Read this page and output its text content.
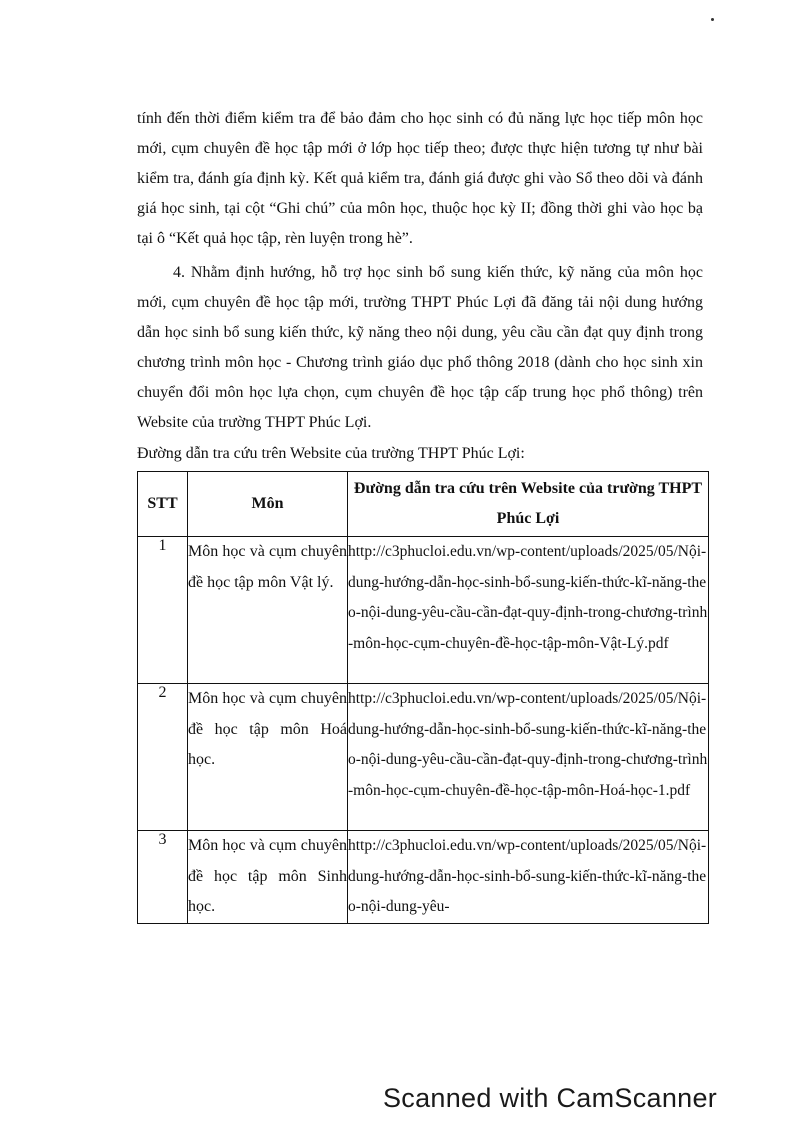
tính đến thời điểm kiểm tra để bảo đảm cho học sinh có đủ năng lực học tiếp môn học mới, cụm chuyên đề học tập mới ở lớp học tiếp theo; được thực hiện tương tự như bài kiểm tra, đánh gía định kỳ. Kết quả kiểm tra, đánh giá được ghi vào Sổ theo dõi và đánh giá học sinh, tại cột “Ghi chú” của môn học, thuộc học kỳ II; đồng thời ghi vào học bạ tại ô “Kết quả học tập, rèn luyện trong hè”.
4. Nhằm định hướng, hỗ trợ học sinh bổ sung kiến thức, kỹ năng của môn học mới, cụm chuyên đề học tập mới, trường THPT Phúc Lợi đã đăng tải nội dung hướng dẫn học sinh bổ sung kiến thức, kỹ năng theo nội dung, yêu cầu cần đạt quy định trong chương trình môn học - Chương trình giáo dục phổ thông 2018 (dành cho học sinh xin chuyển đổi môn học lựa chọn, cụm chuyên đề học tập cấp trung học phổ thông) trên Website của trường THPT Phúc Lợi.
Đường dẫn tra cứu trên Website của trường THPT Phúc Lợi:
STT	Môn	Đường dẫn tra cứu trên Website của trường THPT Phúc Lợi
1	Môn học và cụm chuyên đề học tập môn Vật lý.	http://c3phucloi.edu.vn/wp-content/uploads/2025/05/Nội-dung-hướng-dẫn-học-sinh-bổ-sung-kiến-thức-kĩ-năng-theo-nội-dung-yêu-cầu-cần-đạt-quy-định-trong-chương-trình-môn-học-cụm-chuyên-đề-học-tập-môn-Vật-Lý.pdf
2	Môn học và cụm chuyên đề học tập môn Hoá học.	http://c3phucloi.edu.vn/wp-content/uploads/2025/05/Nội-dung-hướng-dẫn-học-sinh-bổ-sung-kiến-thức-kĩ-năng-theo-nội-dung-yêu-cầu-cần-đạt-quy-định-trong-chương-trình-môn-học-cụm-chuyên-đề-học-tập-môn-Hoá-học-1.pdf
3	Môn học và cụm chuyên đề học tập môn Sinh học.	http://c3phucloi.edu.vn/wp-content/uploads/2025/05/Nội-dung-hướng-dẫn-học-sinh-bổ-sung-kiến-thức-kĩ-năng-theo-nội-dung-yêu-
Scanned with CamScanner
